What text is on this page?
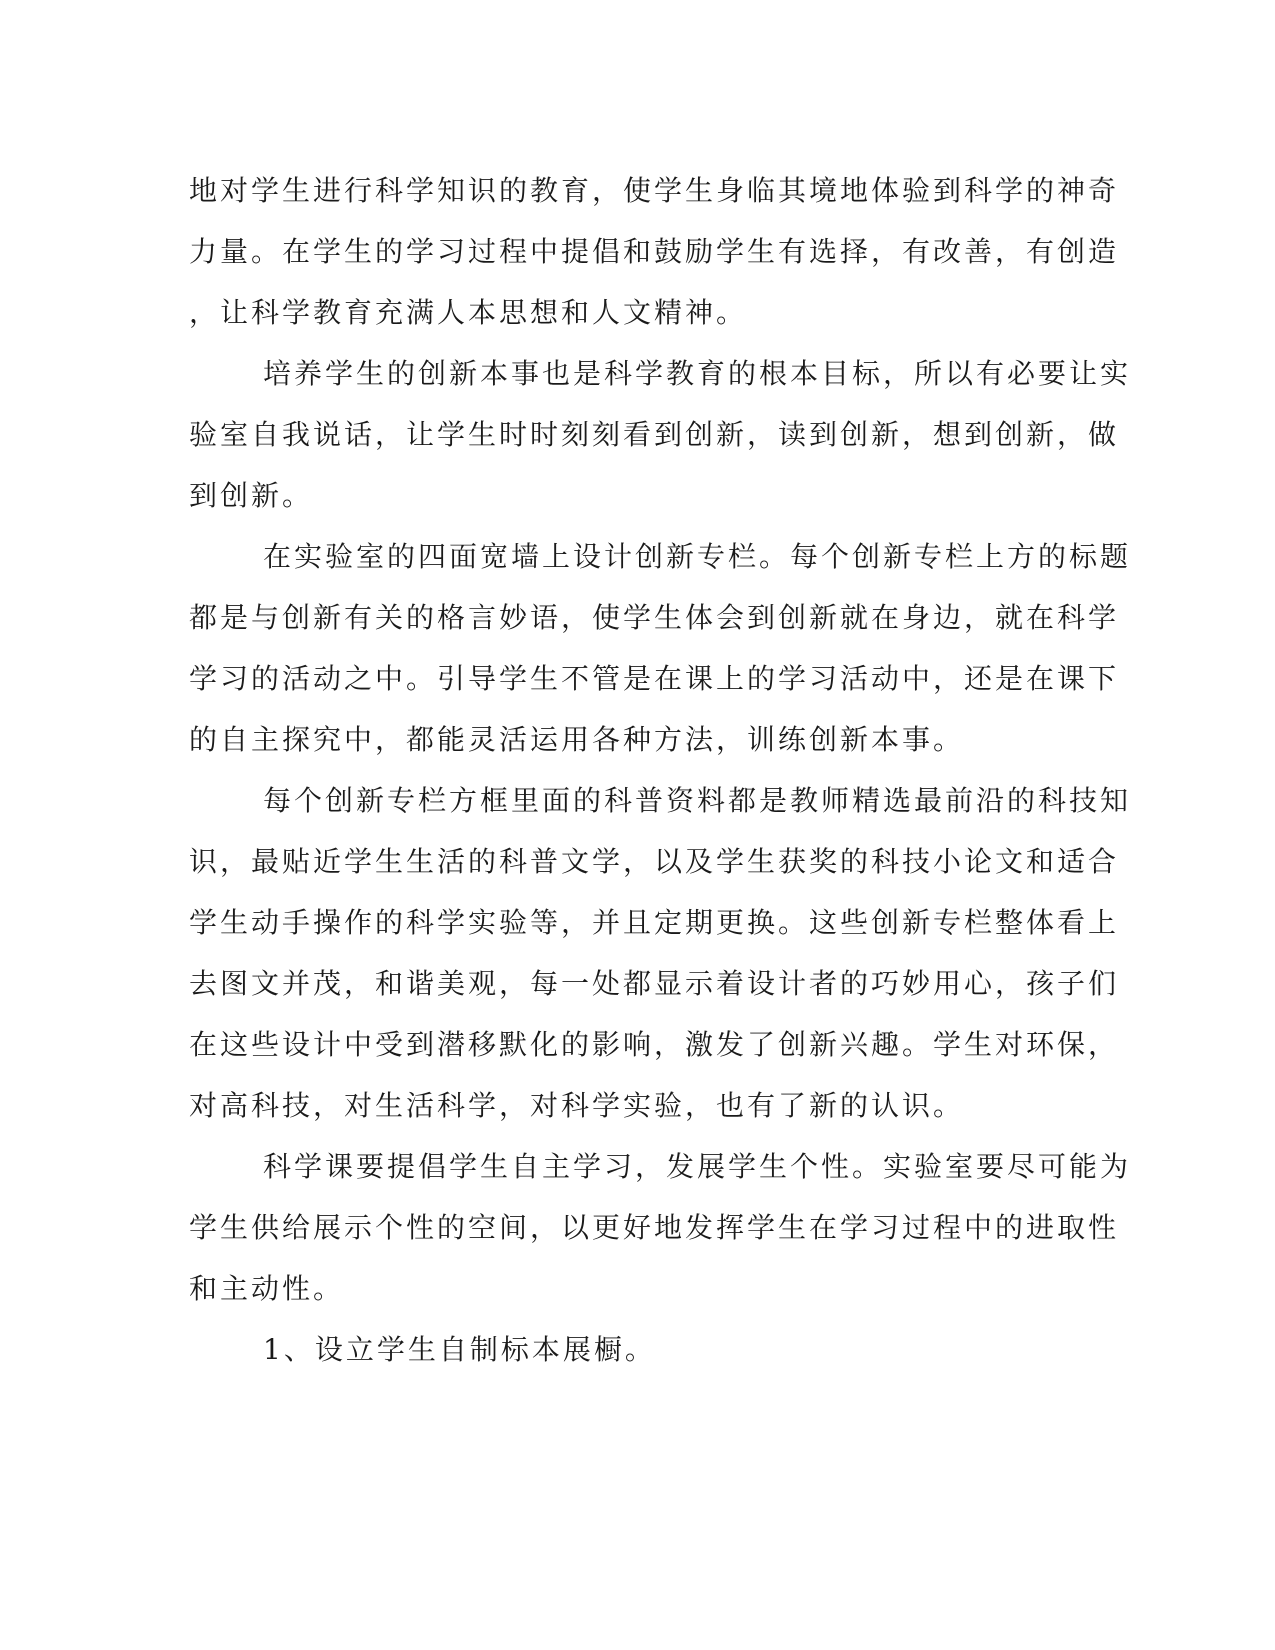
地对学生进行科学知识的教育，使学生身临其境地体验到科学的神奇
力量。在学生的学习过程中提倡和鼓励学生有选择，有改善，有创造
，让科学教育充满人本思想和人文精神。
培养学生的创新本事也是科学教育的根本目标，所以有必要让实
验室自我说话，让学生时时刻刻看到创新，读到创新，想到创新，做
到创新。
在实验室的四面宽墙上设计创新专栏。每个创新专栏上方的标题
都是与创新有关的格言妙语，使学生体会到创新就在身边，就在科学
学习的活动之中。引导学生不管是在课上的学习活动中，还是在课下
的自主探究中，都能灵活运用各种方法，训练创新本事。
每个创新专栏方框里面的科普资料都是教师精选最前沿的科技知
识，最贴近学生生活的科普文学，以及学生获奖的科技小论文和适合
学生动手操作的科学实验等，并且定期更换。这些创新专栏整体看上
去图文并茂，和谐美观，每一处都显示着设计者的巧妙用心，孩子们
在这些设计中受到潜移默化的影响，激发了创新兴趣。学生对环保，
对高科技，对生活科学，对科学实验，也有了新的认识。
科学课要提倡学生自主学习，发展学生个性。实验室要尽可能为
学生供给展示个性的空间，以更好地发挥学生在学习过程中的进取性
和主动性。
1、设立学生自制标本展橱。
